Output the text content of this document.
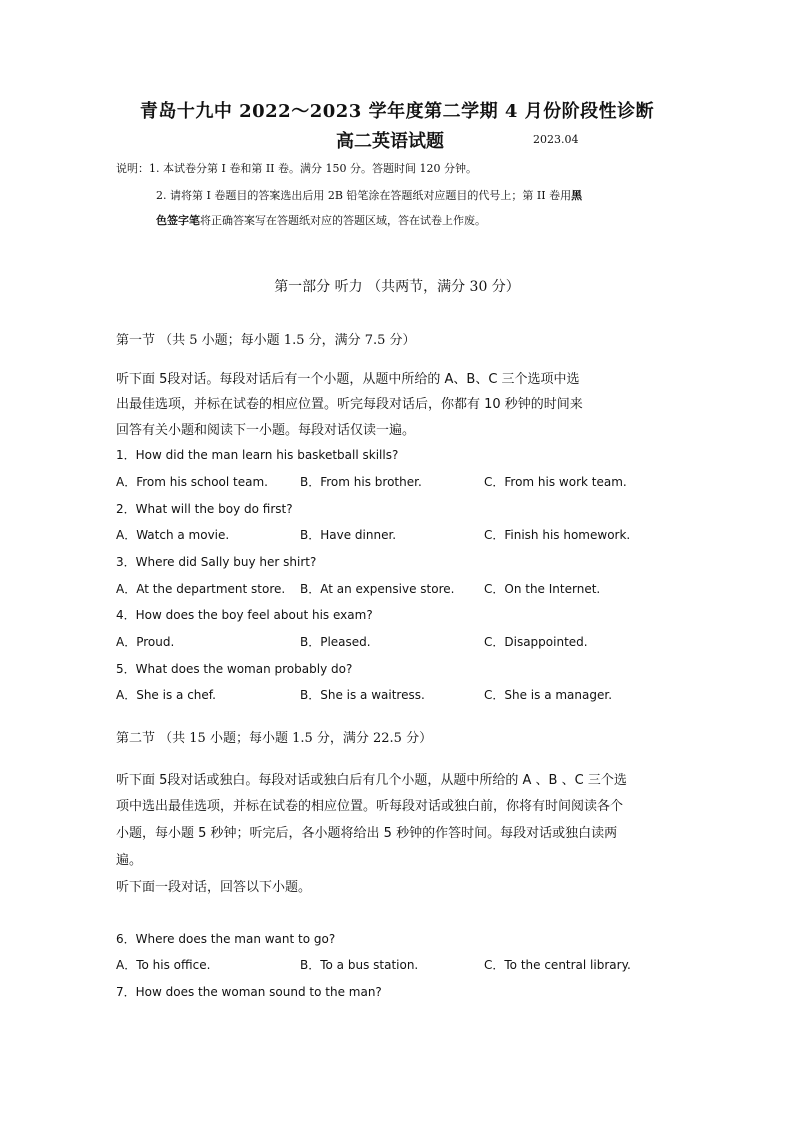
青岛十九中 2022～2023 学年度第二学期 4 月份阶段性诊断
高二英语试题	2023.04
说明：1. 本试卷分第 I 卷和第 II 卷。满分 150 分。答题时间 120 分钟。
2. 请将第 I 卷题目的答案选出后用 2B 铅笔涂在答题纸对应题目的代号上；第 II 卷用黑
色签字笔将正确答案写在答题纸对应的答题区域，答在试卷上作废。
第一部分 听力 （共两节，满分 30 分）
第一节 （共 5 小题；每小题 1.5 分，满分 7.5 分）
听下面 5段对话。每段对话后有一个小题，从题中所给的 A、B、C 三个选项中选
出最佳选项，并标在试卷的相应位置。听完每段对话后，你都有 10 秒钟的时间来
回答有关小题和阅读下一小题。每段对话仅读一遍。
1．How did the man learn his basketball skills?
A．From his school team.	B．From his brother.	C．From his work team.
2．What will the boy do first?
A．Watch a movie.	B．Have dinner.	C．Finish his homework.
3．Where did Sally buy her shirt?
A．At the department store. B．At an expensive store. C．On the Internet.
4．How does the boy feel about his exam?
A．Proud.	B．Pleased.	C．Disappointed.
5．What does the woman probably do?
A．She is a chef.	B．She is a waitress.	C．She is a manager.
第二节 （共 15 小题；每小题 1.5 分，满分 22.5 分）
听下面 5段对话或独白。每段对话或独白后有几个小题，从题中所给的 A 、B 、C 三个选
项中选出最佳选项，并标在试卷的相应位置。听每段对话或独白前，你将有时间阅读各个
小题，每小题 5 秒钟；听完后，各小题将给出 5 秒钟的作答时间。每段对话或独白读两
遍。
听下面一段对话，回答以下小题。
6．Where does the man want to go?
A．To his office.	B．To a bus station.	C．To the central library.
7．How does the woman sound to the man?
